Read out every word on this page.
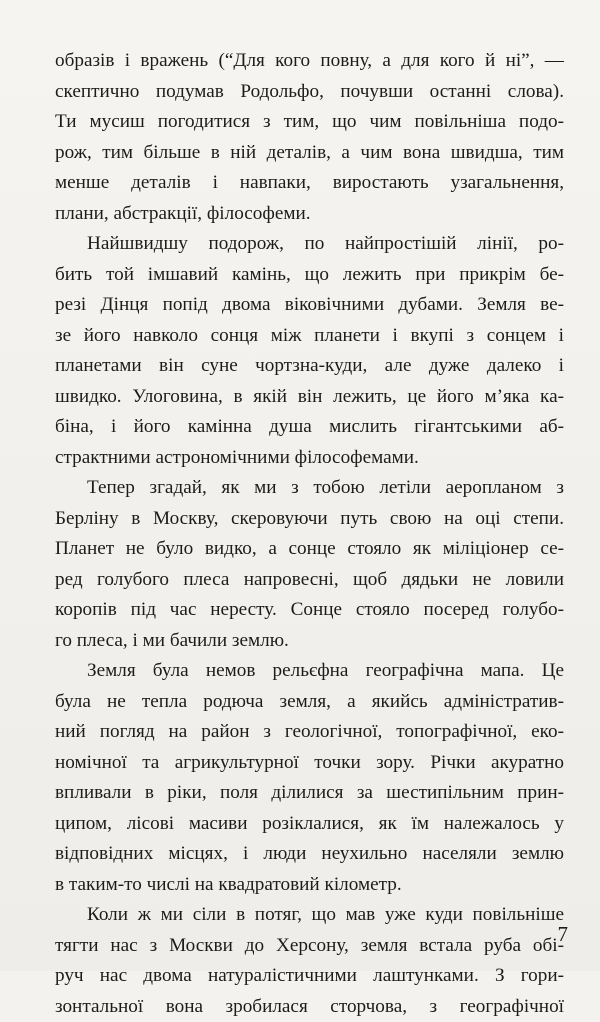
образів і вражень (“Для кого повну, а для кого й ні”, —
скептично подумав Родольфо, почувши останні слова).
Ти мусиш погодитися з тим, що чим повільніша подо-
рож, тим більше в ній деталів, а чим вона швидша, тим
менше деталів і навпаки, виростають узагальнення,
плани, абстракції, філософеми.
Найшвидшу подорож, по найпростішій лінії, ро-
бить той імшавий камінь, що лежить при прикрім бе-
резі Дінця попід двома віковічними дубами. Земля ве-
зе його навколо сонця між планети і вкупі з сонцем і
планетами він суне чортзна-куди, але дуже далеко і
швидко. Улоговина, в якій він лежить, це його м’яка ка-
біна, і його камінна душа мислить гігантськими аб-
страктними астрономічними філософемами.
Тепер згадай, як ми з тобою летіли аеропланом з
Берліну в Москву, скеровуючи путь свою на оці степи.
Планет не було видко, а сонце стояло як міліціонер се-
ред голубого плеса напровесні, щоб дядьки не ловили
коропів під час нересту. Сонце стояло посеред голубо-
го плеса, і ми бачили землю.
Земля була немов рельєфна географічна мапа. Це
була не тепла родюча земля, а якийсь адміністратив-
ний погляд на район з геологічної, топографічної, еко-
номічної та агрикультурної точки зору. Річки акуратно
впливали в ріки, поля ділилися за шестипільним прин-
ципом, лісові масиви розіклалися, як їм належалось у
відповідних місцях, і люди неухильно населяли землю
в таким-то числі на квадратовий кілометр.
Коли ж ми сіли в потяг, що мав уже куди повільніше
тягти нас з Москви до Херсону, земля встала руба обі-
руч нас двома натуралістичними лаштунками. З гори-
зонтальної вона зробилася сторчова, з географічної
7
